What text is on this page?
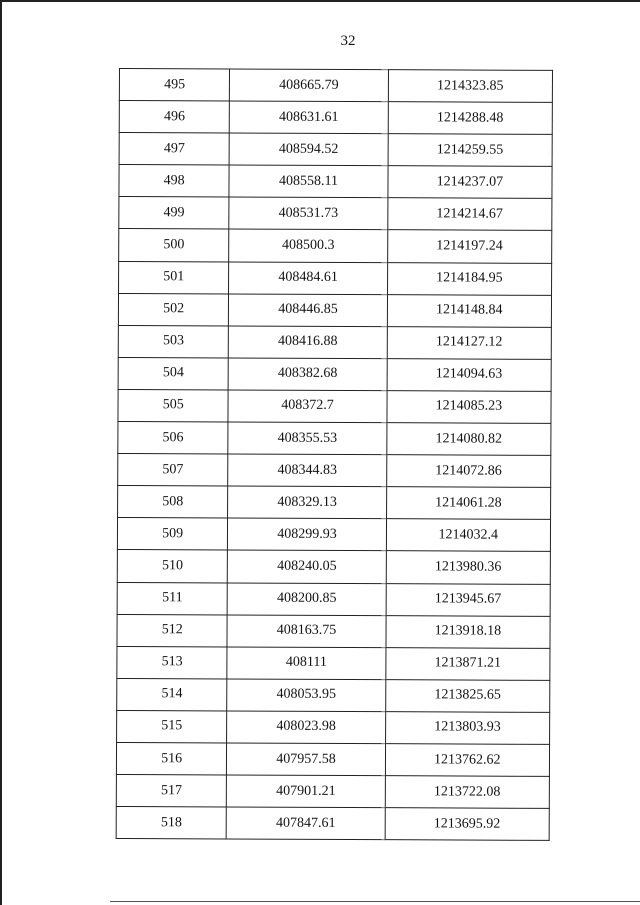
32
495	408665.79	1214323.85
496	408631.61	1214288.48
497	408594.52	1214259.55
498	408558.11	1214237.07
499	408531.73	1214214.67
500	408500.3	1214197.24
501	408484.61	1214184.95
502	408446.85	1214148.84
503	408416.88	1214127.12
504	408382.68	1214094.63
505	408372.7	1214085.23
506	408355.53	1214080.82
507	408344.83	1214072.86
508	408329.13	1214061.28
509	408299.93	1214032.4
510	408240.05	1213980.36
511	408200.85	1213945.67
512	408163.75	1213918.18
513	408111	1213871.21
514	408053.95	1213825.65
515	408023.98	1213803.93
516	407957.58	1213762.62
517	407901.21	1213722.08
518	407847.61	1213695.92
